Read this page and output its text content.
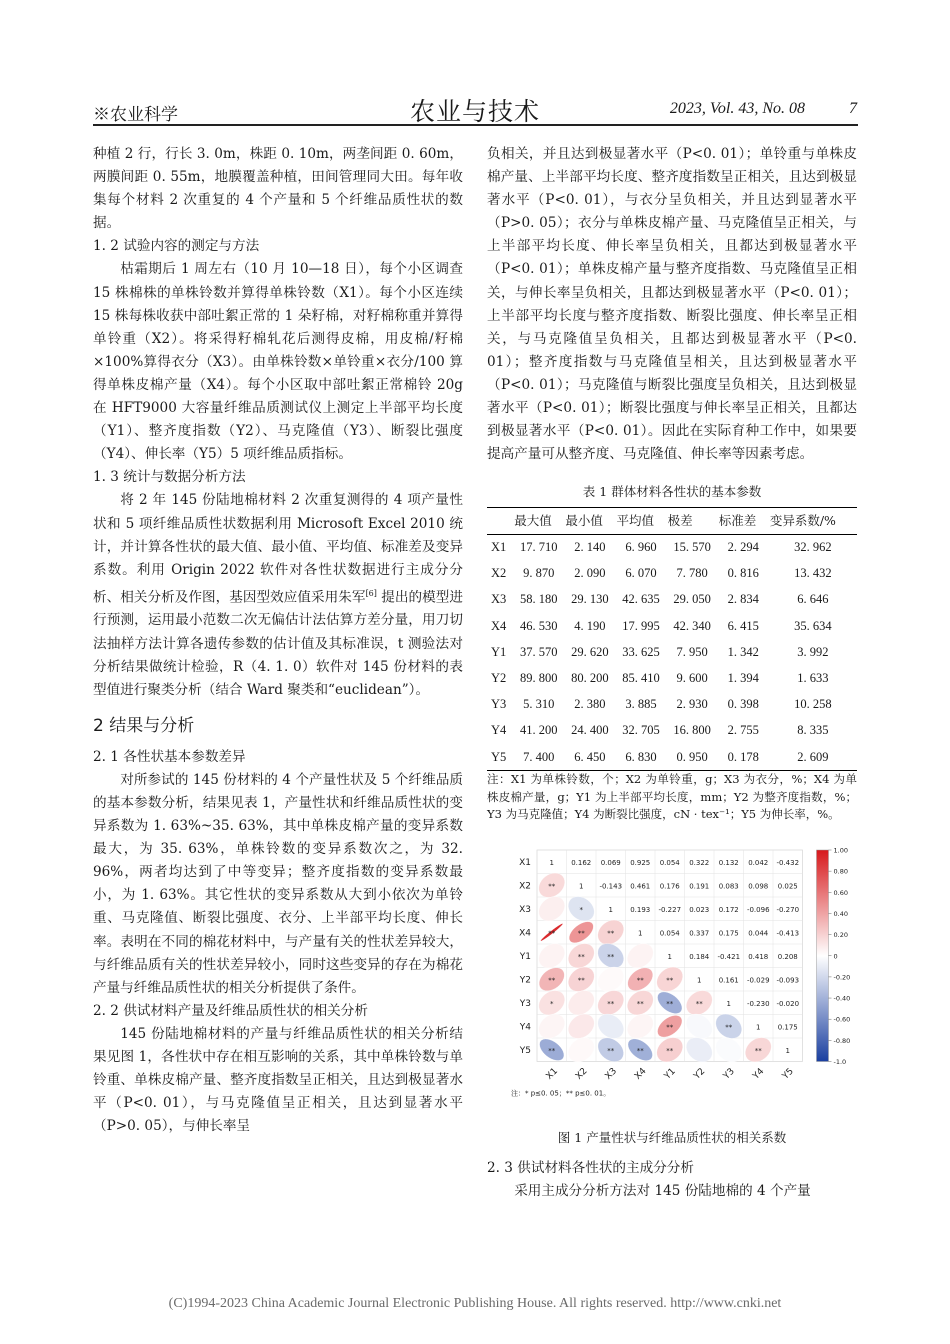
※农业科学	农业与技术	2023, Vol. 43, No. 08	7

种植 2 行，行长 3. 0m，株距 0. 10m，两垄间距 0. 60m，两膜间距 0. 55m，地膜覆盖种植，田间管理同大田。每年收集每个材料 2 次重复的 4 个产量和 5 个纤维品质性状的数据。

1. 2 试验内容的测定与方法

枯霜期后 1 周左右（10 月 10—18 日），每个小区调查 15 株棉株的单株铃数并算得单株铃数（X1）。每个小区连续 15 株每株收获中部吐絮正常的 1 朵籽棉，对籽棉称重并算得单铃重（X2）。将采得籽棉轧花后测得皮棉，用皮棉/籽棉×100%算得衣分（X3）。由单株铃数×单铃重×衣分/100 算得单株皮棉产量（X4）。每个小区取中部吐絮正常棉铃 20g 在 HFT9000 大容量纤维品质测试仪上测定上半部平均长度（Y1）、整齐度指数（Y2）、马克隆值（Y3）、断裂比强度（Y4）、伸长率（Y5）5 项纤维品质指标。

1. 3 统计与数据分析方法

将 2 年 145 份陆地棉材料 2 次重复测得的 4 项产量性状和 5 项纤维品质性状数据利用 Microsoft Excel 2010 统计，并计算各性状的最大值、最小值、平均值、标准差及变异系数。利用 Origin 2022 软件对各性状数据进行主成分分析、相关分析及作图，基因型效应值采用朱军[6] 提出的模型进行预测，运用最小范数二次无偏估计法估算方差分量，用刀切法抽样方法计算各遗传参数的估计值及其标准误，t 测验法对分析结果做统计检验，R（4. 1. 0）软件对 145 份材料的表型值进行聚类分析（结合 Ward 聚类和“euclidean”）。

2 结果与分析

2. 1 各性状基本参数差异

对所参试的 145 份材料的 4 个产量性状及 5 个纤维品质的基本参数分析，结果见表 1，产量性状和纤维品质性状的变异系数为 1. 63%~35. 63%，其中单株皮棉产量的变异系数最大，为 35. 63%，单株铃数的变异系数次之，为 32. 96%，两者均达到了中等变异；整齐度指数的变异系数最小，为 1. 63%。其它性状的变异系数从大到小依次为单铃重、马克隆值、断裂比强度、衣分、上半部平均长度、伸长率。表明在不同的棉花材料中，与产量有关的性状差异较大，与纤维品质有关的性状差异较小，同时这些变异的存在为棉花产量与纤维品质性状的相关分析提供了条件。

2. 2 供试材料产量及纤维品质性状的相关分析

145 份陆地棉材料的产量与纤维品质性状的相关分析结果见图 1，各性状中存在相互影响的关系，其中单株铃数与单铃重、单株皮棉产量、整齐度指数呈正相关，且达到极显著水平（P<0. 01），与马克隆值呈正相关，且达到显著水平（P>0. 05），与伸长率呈

负相关，并且达到极显著水平（P<0. 01）；单铃重与单株皮棉产量、上半部平均长度、整齐度指数呈正相关，且达到极显著水平（P<0. 01），与衣分呈负相关，并且达到显著水平（P>0. 05）；衣分与单株皮棉产量、马克隆值呈正相关，与上半部平均长度、伸长率呈负相关，且都达到极显著水平（P<0. 01）；单株皮棉产量与整齐度指数、马克隆值呈正相关，与伸长率呈负相关，且都达到极显著水平（P<0. 01）；上半部平均长度与整齐度指数、断裂比强度、伸长率呈正相关，与马克隆值呈负相关，且都达到极显著水平（P<0. 01）；整齐度指数与马克隆值呈相关，且达到极显著水平（P<0. 01）；马克隆值与断裂比强度呈负相关，且达到极显著水平（P<0. 01）；断裂比强度与伸长率呈正相关，且都达到极显著水平（P<0. 01）。因此在实际育种工作中，如果要提高产量可从整齐度、马克隆值、伸长率等因素考虑。

表 1 群体材料各性状的基本参数
	最大值	最小值	平均值	极差	标准差	变异系数/%
X1	17. 710	2. 140	6. 960	15. 570	2. 294	32. 962
X2	9. 870	2. 090	6. 070	7. 780	0. 816	13. 432
X3	58. 180	29. 130	42. 635	29. 050	2. 834	6. 646
X4	46. 530	4. 190	17. 995	42. 340	6. 415	35. 634
Y1	37. 570	29. 620	33. 625	7. 950	1. 342	3. 992
Y2	89. 800	80. 200	85. 410	9. 600	1. 394	1. 633
Y3	5. 310	2. 380	3. 885	2. 930	0. 398	10. 258
Y4	41. 200	24. 400	32. 705	16. 800	2. 755	8. 335
Y5	7. 400	6. 450	6. 830	0. 950	0. 178	2. 609
注：X1 为单株铃数，个；X2 为单铃重，g；X3 为衣分，%；X4 为单株皮棉产量，g；Y1 为上半部平均长度，mm；Y2 为整齐度指数，%；Y3 为马克隆值；Y4 为断裂比强度，cN · tex⁻¹；Y5 为伸长率，%。
X1
X1
X2
X2
X3
X3
X4
X4
Y1
Y1
Y2
Y2
Y3
Y3
Y4
Y4
Y5
Y5
1 0.162 0.069 0.925 0.054 0.322 0.132 0.042 -0.432
**	1 -0.143 0.461 0.176 0.191 0.083 0.098 0.025
*	1 0.193 -0.227 0.023 0.172 -0.096 -0.270
**	**	**	1 0.054 0.337 0.175 0.044 -0.413
**	**	1 0.184 -0.421 0.418 0.208
**	**	**	**	1 0.161 -0.029 -0.093
*	**	**	**	**	1 -0.230 -0.020
**	**	1 0.175
**	**	**	**	**	1
1.00
0.80
0.60
0.40
0.20
0
-0.20
-0.40
-0.60
-0.80
-1.0
注：* p≤0. 05；** p≤0. 01。
图 1 产量性状与纤维品质性状的相关系数

2. 3 供试材料各性状的主成分分析

采用主成分分析方法对 145 份陆地棉的 4 个产量

(C)1994-2023 China Academic Journal Electronic Publishing House. All rights reserved. http://www.cnki.net
